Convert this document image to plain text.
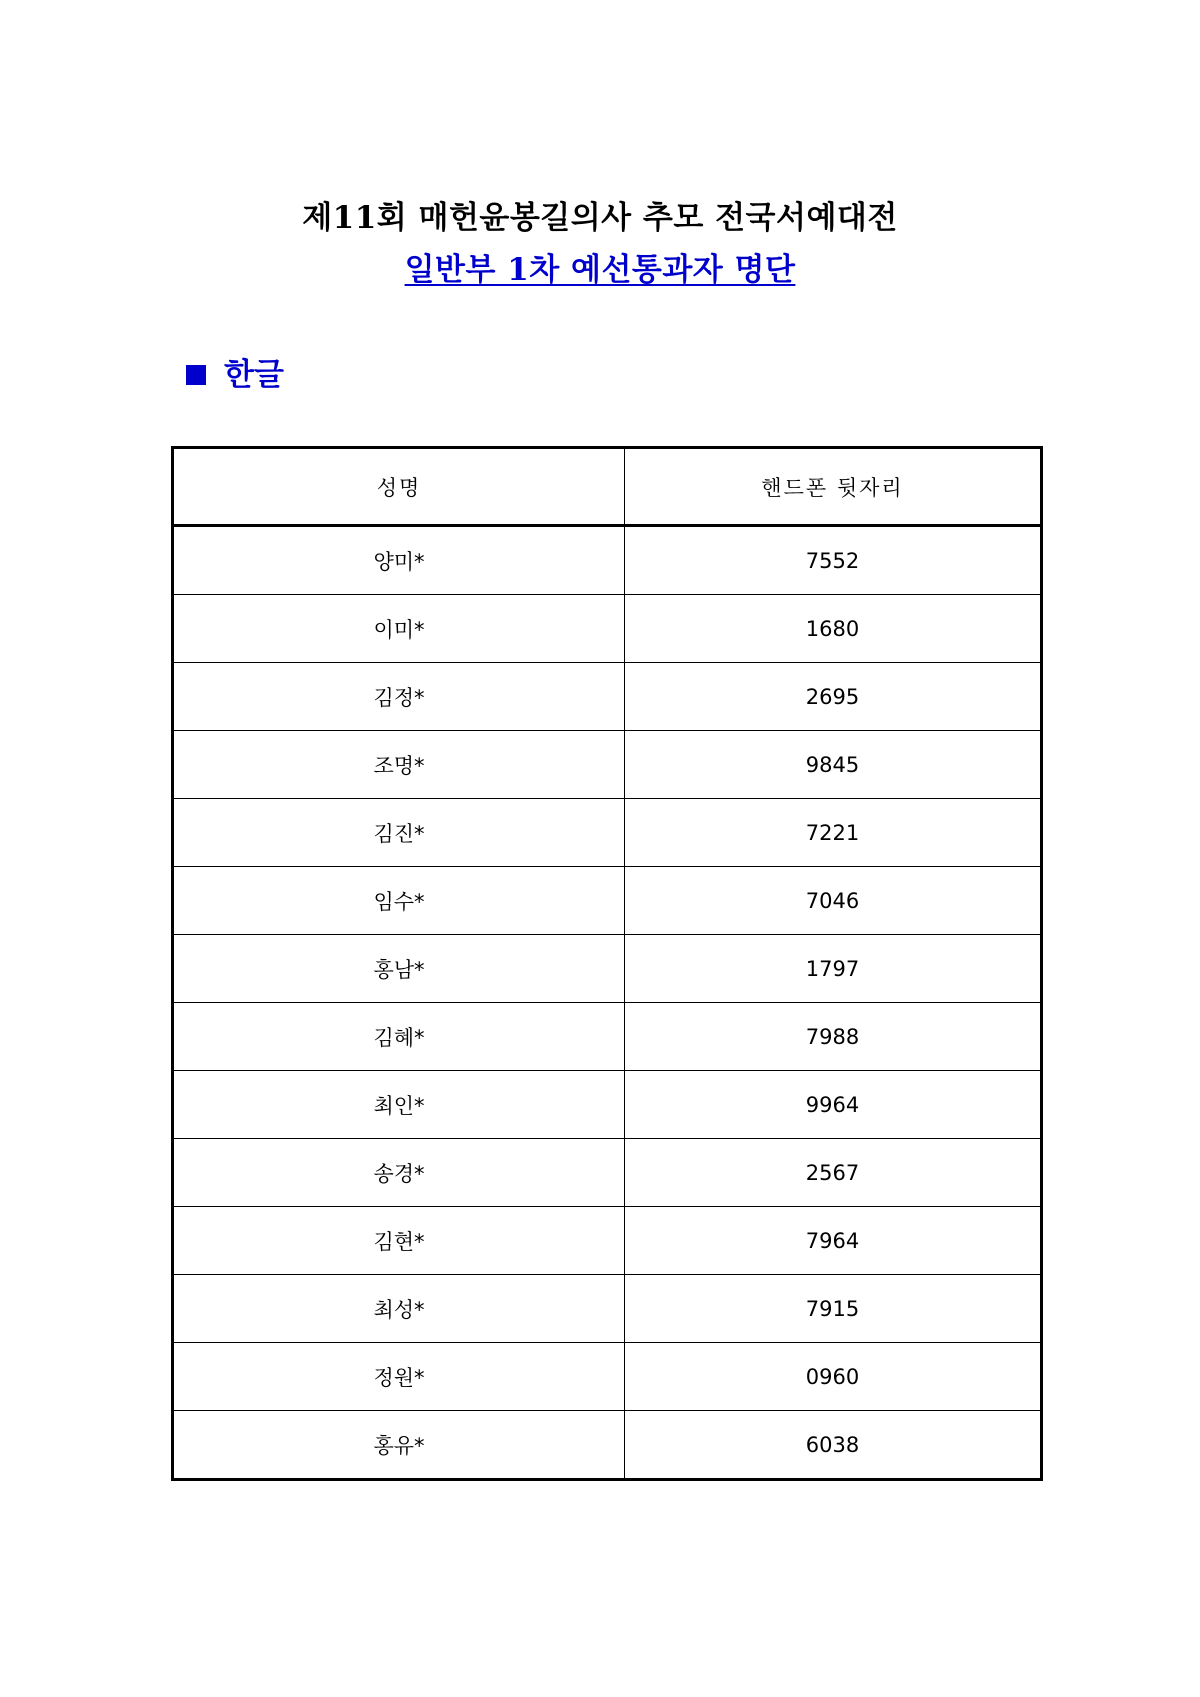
제11회 매헌윤봉길의사 추모 전국서예대전
일반부 1차 예선통과자 명단
한글
성명	핸드폰 뒷자리
양미*	7552
이미*	1680
김정*	2695
조명*	9845
김진*	7221
임수*	7046
홍남*	1797
김혜*	7988
최인*	9964
송경*	2567
김현*	7964
최성*	7915
정원*	0960
홍유*	6038
